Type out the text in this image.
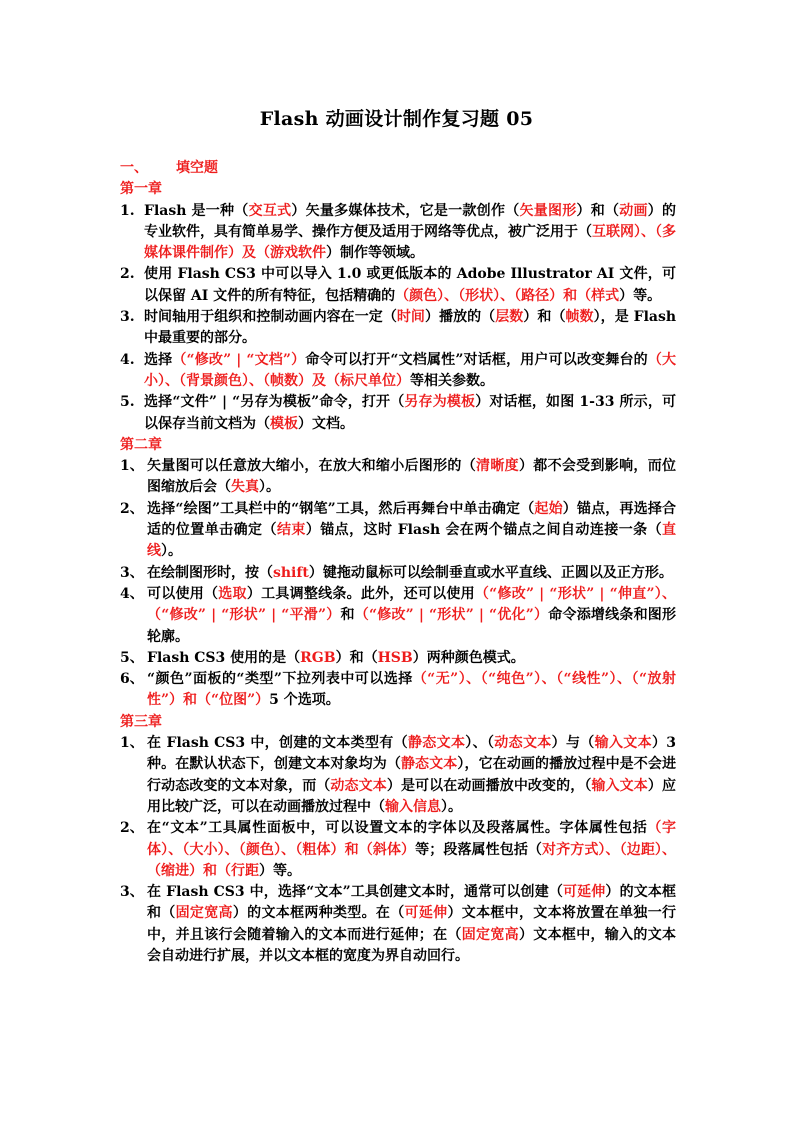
Flash 动画设计制作复习题 05
一、	填空题
第一章
1. Flash 是一种（交互式）矢量多媒体技术，它是一款创作（矢量图形）和（动画）的专业软件，具有简单易学、操作方便及适用于网络等优点，被广泛用于（互联网）、（多媒体课件制作）及（游戏软件）制作等领域。
2. 使用 Flash CS3 中可以导入 1.0 或更低版本的 Adobe Illustrator AI 文件，可以保留 AI 文件的所有特征，包括精确的（颜色）、（形状）、（路径）和（样式）等。
3. 时间轴用于组织和控制动画内容在一定（时间）播放的（层数）和（帧数），是 Flash 中最重要的部分。
4. 选择（“修改” | “文档”）命令可以打开“文档属性”对话框，用户可以改变舞台的（大小）、（背景颜色）、（帧数）及（标尺单位）等相关参数。
5. 选择“文件” | “另存为模板”命令，打开（另存为模板）对话框，如图 1-33 所示，可以保存当前文档为（模板）文档。
第二章
1、 矢量图可以任意放大缩小，在放大和缩小后图形的（清晰度）都不会受到影响，而位图缩放后会（失真）。
2、 选择“绘图”工具栏中的“钢笔”工具，然后再舞台中单击确定（起始）锚点，再选择合适的位置单击确定（结束）锚点，这时 Flash 会在两个锚点之间自动连接一条（直线）。
3、 在绘制图形时，按（shift）键拖动鼠标可以绘制垂直或水平直线、正圆以及正方形。
4、 可以使用（选取）工具调整线条。此外，还可以使用（“修改” | “形状” | “伸直”）、（“修改” | “形状” | “平滑”）和（“修改” | “形状” | “优化”）命令添增线条和图形轮廓。
5、 Flash CS3 使用的是（RGB）和（HSB）两种颜色模式。
6、 “颜色”面板的“类型”下拉列表中可以选择（“无”）、（“纯色”）、（“线性”）、（“放射性”）和（“位图”）5 个选项。
第三章
1、 在 Flash CS3 中，创建的文本类型有（静态文本）、（动态文本）与（输入文本）3 种。在默认状态下，创建文本对象均为（静态文本），它在动画的播放过程中是不会进行动态改变的文本对象，而（动态文本）是可以在动画播放中改变的，（输入文本）应用比较广泛，可以在动画播放过程中（输入信息）。
2、 在“文本”工具属性面板中，可以设置文本的字体以及段落属性。字体属性包括（字体）、（大小）、（颜色）、（粗体）和（斜体）等；段落属性包括（对齐方式）、（边距）、（缩进）和（行距）等。
3、 在 Flash CS3 中，选择“文本”工具创建文本时，通常可以创建（可延伸）的文本框和（固定宽高）的文本框两种类型。在（可延伸）文本框中，文本将放置在单独一行中，并且该行会随着输入的文本而进行延伸；在（固定宽高）文本框中，输入的文本会自动进行扩展，并以文本框的宽度为界自动回行。
